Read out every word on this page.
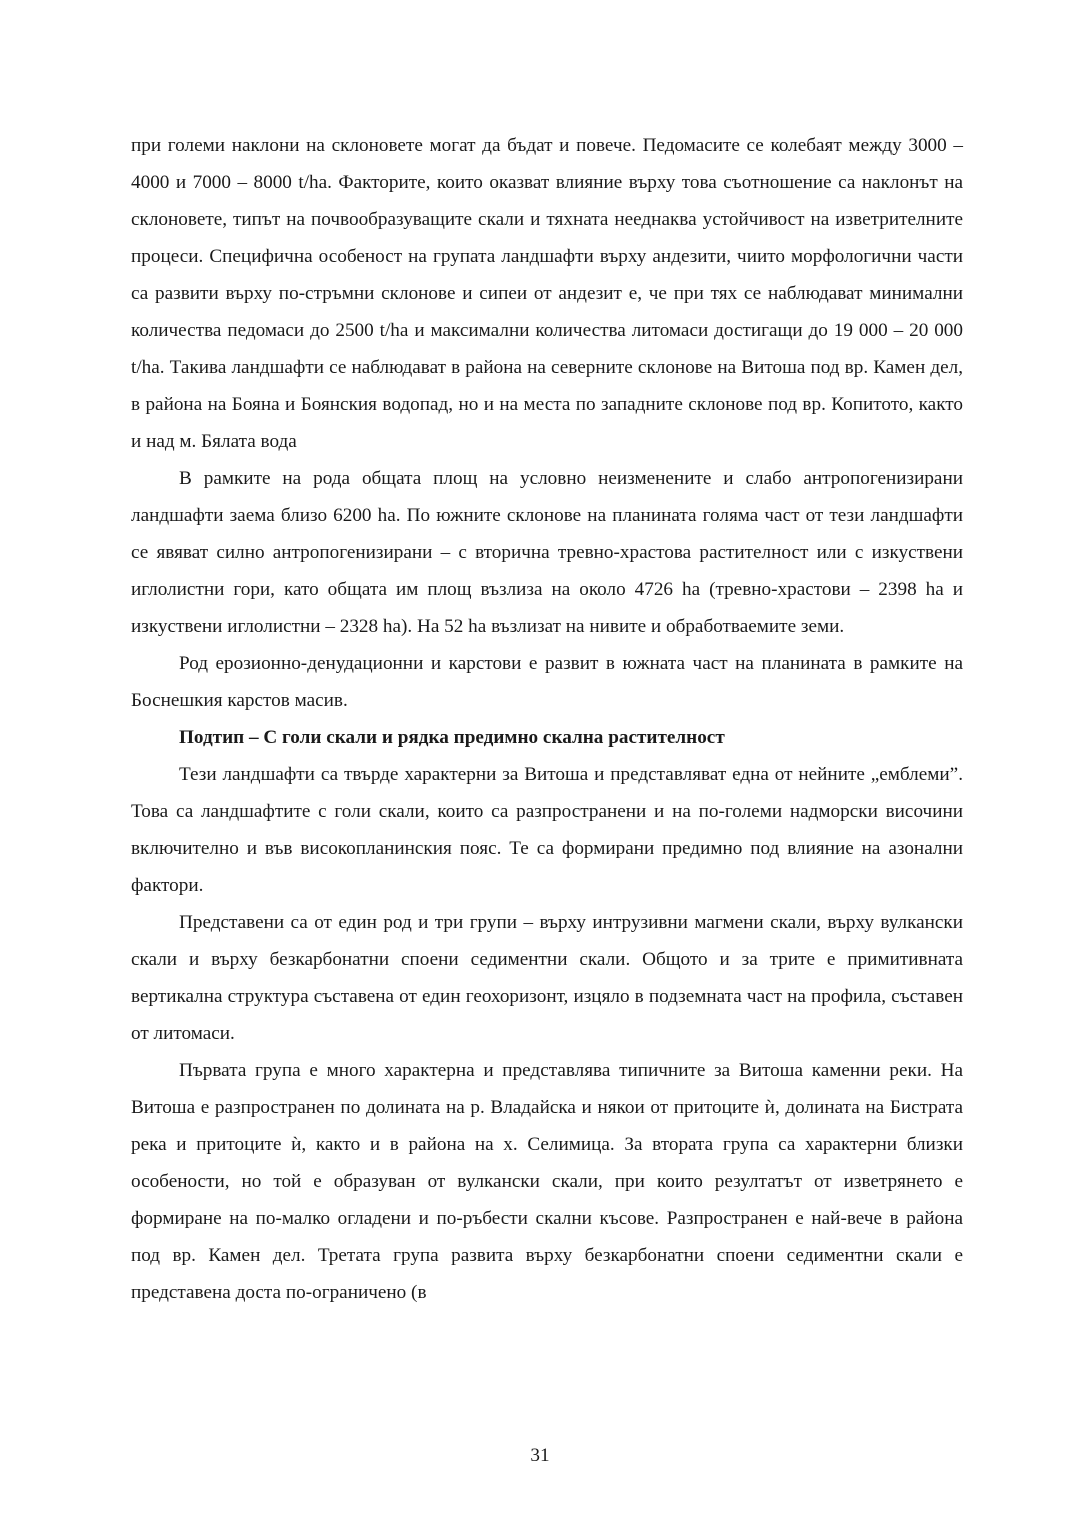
при големи наклони на склоновете могат да бъдат и повече. Педомасите се колебаят между 3000 – 4000 и 7000 – 8000 t/ha. Факторите, които оказват влияние върху това съотношение са наклонът на склоновете, типът на почвообразуващите скали и тяхната нееднаква устойчивост на изветрителните процеси. Специфична особеност на групата ландшафти върху андезити, чиито морфологични части са развити върху по-стръмни склонове и сипеи от андезит е, че при тях се наблюдават минимални количества педомаси до 2500 t/ha и максимални количества литомаси достигащи до 19 000 – 20 000 t/ha. Такива ландшафти се наблюдават в района на северните склонове на Витоша под вр. Камен дел, в района на Бояна и Боянския водопад, но и на места по западните склонове под вр. Копитото, както и над м. Бялата вода

В рамките на рода общата площ на условно неизменените и слабо антропогенизирани ландшафти заема близо 6200 ha. По южните склонове на планината голяма част от тези ландшафти се явяват силно антропогенизирани – с вторична тревно-храстова растителност или с изкуствени иглолистни гори, като общата им площ възлиза на около 4726 ha (тревно-храстови – 2398 ha и изкуствени иглолистни – 2328 ha). На 52 ha възлизат на нивите и обработваемите земи.

Род ерозионно-денудационни и карстови е развит в южната част на планината в рамките на Боснешкия карстов масив.

Подтип – С голи скали и рядка предимно скална растителност

Тези ландшафти са твърде характерни за Витоша и представляват една от нейните „емблеми”. Това са ландшафтите с голи скали, които са разпространени и на по-големи надморски височини включително и във високопланинския пояс. Те са формирани предимно под влияние на азонални фактори.

Представени са от един род и три групи – върху интрузивни магмени скали, върху вулкански скали и върху безкарбонатни споени седиментни скали. Общото и за трите е примитивната вертикална структура съставена от един геохоризонт, изцяло в подземната част на профила, съставен от литомаси.

Първата група е много характерна и представлява типичните за Витоша каменни реки. На Витоша е разпространен по долината на р. Владайска и някои от притоците ѝ, долината на Бистрата река и притоците ѝ, както и в района на х. Селимица. За втората група са характерни близки особености, но той е образуван от вулкански скали, при които резултатът от изветрянето е формиране на по-малко огладени и по-ръбести скални късове. Разпространен е най-вече в района под вр. Камен дел. Третата група развита върху безкарбонатни споени седиментни скали е представена доста по-ограничено (в

31
